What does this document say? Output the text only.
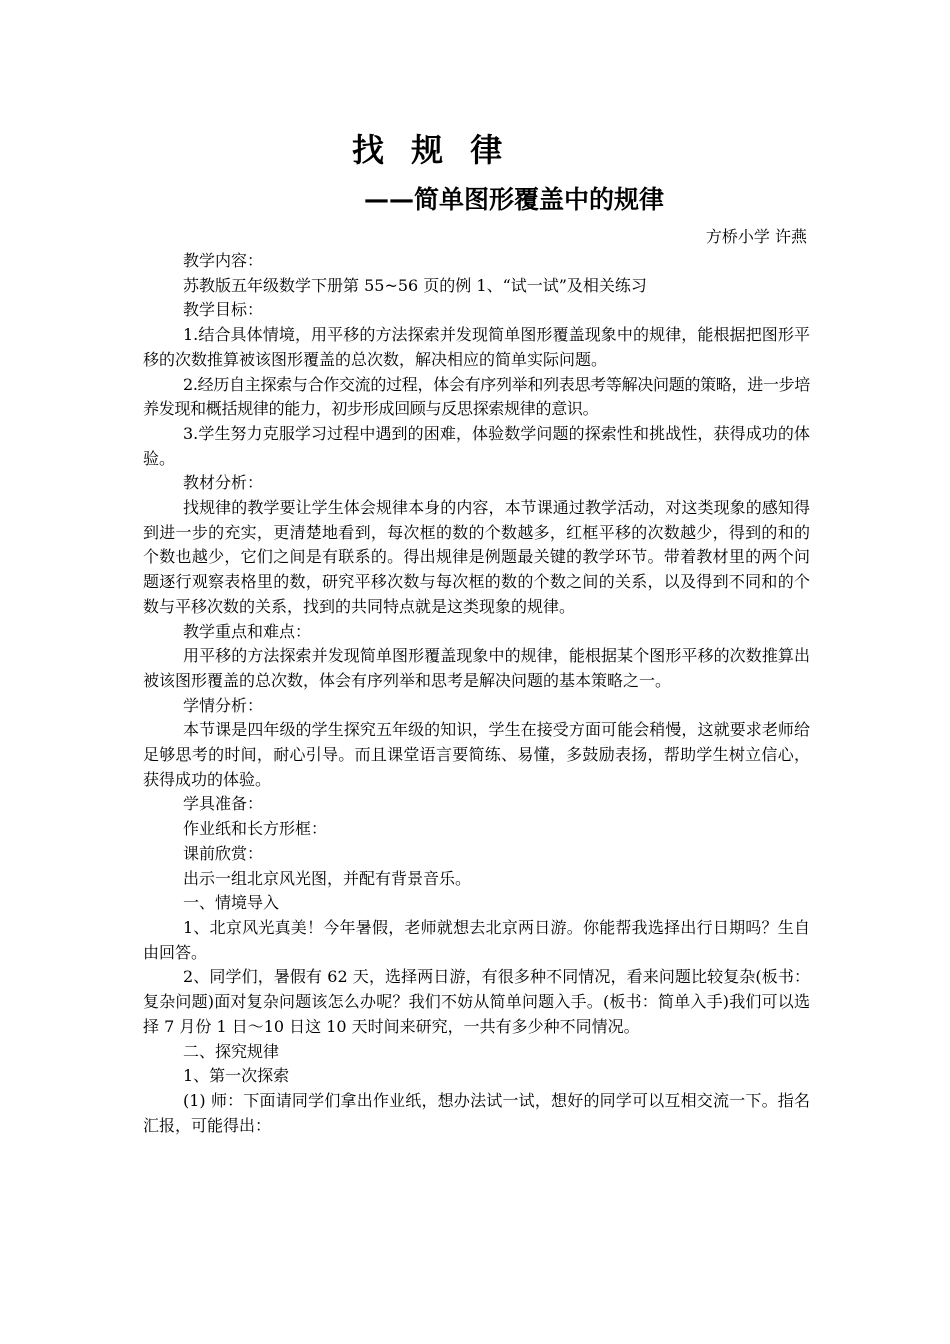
找 规 律
——简单图形覆盖中的规律
方桥小学 许燕

教学内容：

苏教版五年级数学下册第 55~56 页的例 1、“试一试”及相关练习

教学目标：

1.结合具体情境，用平移的方法探索并发现简单图形覆盖现象中的规律，能根据把图形平移的次数推算被该图形覆盖的总次数，解决相应的简单实际问题。

2.经历自主探索与合作交流的过程，体会有序列举和列表思考等解决问题的策略，进一步培养发现和概括规律的能力，初步形成回顾与反思探索规律的意识。

3.学生努力克服学习过程中遇到的困难，体验数学问题的探索性和挑战性，获得成功的体验。

教材分析：

找规律的教学要让学生体会规律本身的内容，本节课通过教学活动，对这类现象的感知得到进一步的充实，更清楚地看到，每次框的数的个数越多，红框平移的次数越少，得到的和的个数也越少，它们之间是有联系的。得出规律是例题最关键的教学环节。带着教材里的两个问题逐行观察表格里的数，研究平移次数与每次框的数的个数之间的关系，以及得到不同和的个数与平移次数的关系，找到的共同特点就是这类现象的规律。

教学重点和难点：

用平移的方法探索并发现简单图形覆盖现象中的规律，能根据某个图形平移的次数推算出被该图形覆盖的总次数，体会有序列举和思考是解决问题的基本策略之一。

学情分析：

本节课是四年级的学生探究五年级的知识，学生在接受方面可能会稍慢，这就要求老师给足够思考的时间，耐心引导。而且课堂语言要简练、易懂，多鼓励表扬，帮助学生树立信心，获得成功的体验。

学具准备：

作业纸和长方形框：

课前欣赏：

出示一组北京风光图，并配有背景音乐。

一、情境导入

1、北京风光真美！今年暑假，老师就想去北京两日游。你能帮我选择出行日期吗？生自由回答。

2、同学们，暑假有 62 天，选择两日游，有很多种不同情况，看来问题比较复杂(板书：复杂问题)面对复杂问题该怎么办呢？我们不妨从简单问题入手。(板书：简单入手)我们可以选择 7 月份 1 日～10 日这 10 天时间来研究，一共有多少种不同情况。

二、探究规律

1、第一次探索

(1) 师：下面请同学们拿出作业纸，想办法试一试，想好的同学可以互相交流一下。指名汇报，可能得出：
